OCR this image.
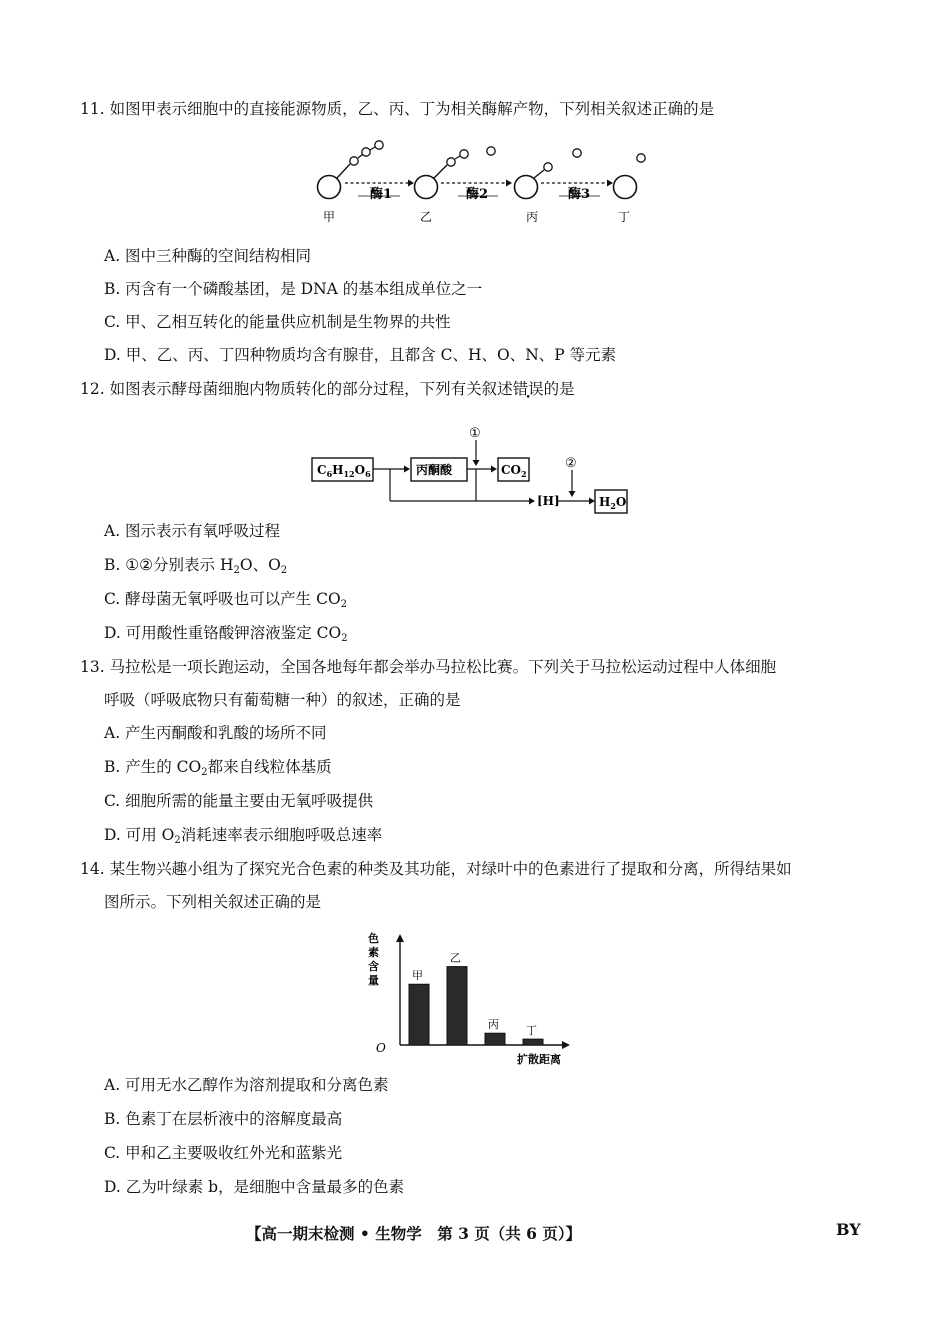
11. 如图甲表示细胞中的直接能源物质，乙、丙、丁为相关酶解产物，下列相关叙述正确的是
酶1	酶2	酶3
甲	乙	丙	丁
A. 图中三种酶的空间结构相同
B. 丙含有一个磷酸基团，是 DNA 的基本组成单位之一
C. 甲、乙相互转化的能量供应机制是生物界的共性
D. 甲、乙、丙、丁四种物质均含有腺苷，且都含 C、H、O、N、P 等元素
12. 如图表示酵母菌细胞内物质转化的部分过程，下列有关叙述错误的是
$C_6H_{12}O_6$	丙酮酸
①
$CO_2$
[H]
②
$H_2O$
A. 图示表示有氧呼吸过程
B. ①②分别表示 $H_2O$、$O_2$
C. 酵母菌无氧呼吸也可以产生 $CO_2$
D. 可用酸性重铬酸钾溶液鉴定 $CO_2$
13. 马拉松是一项长跑运动，全国各地每年都会举办马拉松比赛。下列关于马拉松运动过程中人体细胞
呼吸（呼吸底物只有葡萄糖一种）的叙述，正确的是
A. 产生丙酮酸和乳酸的场所不同
B. 产生的 $CO_2$都来自线粒体基质
C. 细胞所需的能量主要由无氧呼吸提供
D. 可用 $O_2$消耗速率表示细胞呼吸总速率
14. 某生物兴趣小组为了探究光合色素的种类及其功能，对绿叶中的色素进行了提取和分离，所得结果如
图所示。下列相关叙述正确的是
O
色
素
含
量
扩散距离
甲
乙
丙 丁
A. 可用无水乙醇作为溶剂提取和分离色素
B. 色素丁在层析液中的溶解度最高
C. 甲和乙主要吸收红外光和蓝紫光
D. 乙为叶绿素 b，是细胞中含量最多的色素
【高一期末检测 • 生物学　第 3 页（共 6 页）】	BY
